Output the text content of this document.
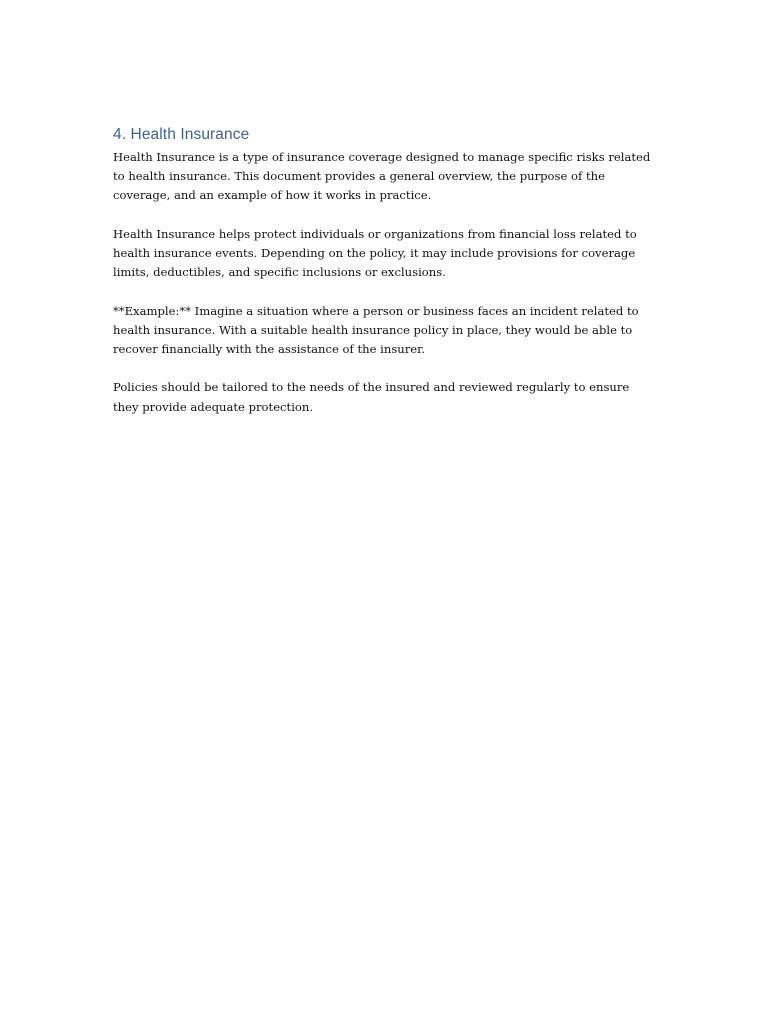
4. Health Insurance

Health Insurance is a type of insurance coverage designed to manage specific risks related to health insurance. This document provides a general overview, the purpose of the coverage, and an example of how it works in practice.

Health Insurance helps protect individuals or organizations from financial loss related to health insurance events. Depending on the policy, it may include provisions for coverage limits, deductibles, and specific inclusions or exclusions.

**Example:** Imagine a situation where a person or business faces an incident related to health insurance. With a suitable health insurance policy in place, they would be able to recover financially with the assistance of the insurer.

Policies should be tailored to the needs of the insured and reviewed regularly to ensure they provide adequate protection.
